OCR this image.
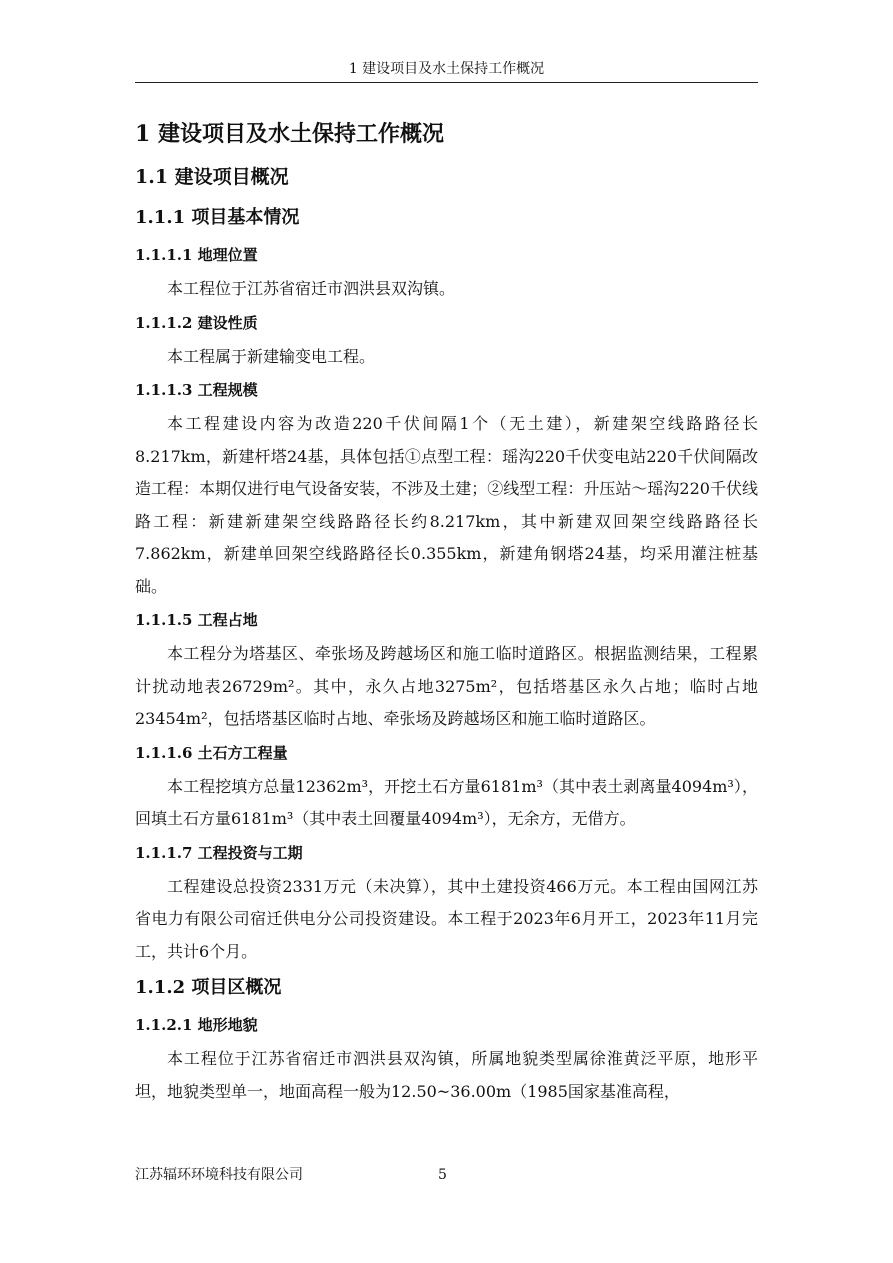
1 建设项目及水土保持工作概况
1 建设项目及水土保持工作概况
1.1 建设项目概况
1.1.1 项目基本情况
1.1.1.1 地理位置

本工程位于江苏省宿迁市泗洪县双沟镇。

1.1.1.2 建设性质

本工程属于新建输变电工程。

1.1.1.3 工程规模

本工程建设内容为改造220千伏间隔1个（无土建），新建架空线路路径长8.217km，新建杆塔24基，具体包括①点型工程：瑶沟220千伏变电站220千伏间隔改造工程：本期仅进行电气设备安装，不涉及土建；②线型工程：升压站～瑶沟220千伏线路工程：新建新建架空线路路径长约8.217km，其中新建双回架空线路路径长7.862km，新建单回架空线路路径长0.355km，新建角钢塔24基，均采用灌注桩基础。

1.1.1.5 工程占地

本工程分为塔基区、牵张场及跨越场区和施工临时道路区。根据监测结果，工程累计扰动地表26729m²。其中，永久占地3275m²，包括塔基区永久占地；临时占地23454m²，包括塔基区临时占地、牵张场及跨越场区和施工临时道路区。

1.1.1.6 土石方工程量

本工程挖填方总量12362m³，开挖土石方量6181m³（其中表土剥离量4094m³），回填土石方量6181m³（其中表土回覆量4094m³），无余方，无借方。

1.1.1.7 工程投资与工期

工程建设总投资2331万元（未决算），其中土建投资466万元。本工程由国网江苏省电力有限公司宿迁供电分公司投资建设。本工程于2023年6月开工，2023年11月完工，共计6个月。

1.1.2 项目区概况
1.1.2.1 地形地貌

本工程位于江苏省宿迁市泗洪县双沟镇，所属地貌类型属徐淮黄泛平原，地形平坦，地貌类型单一，地面高程一般为12.50~36.00m（1985国家基准高程，

江苏辐环环境科技有限公司	5
